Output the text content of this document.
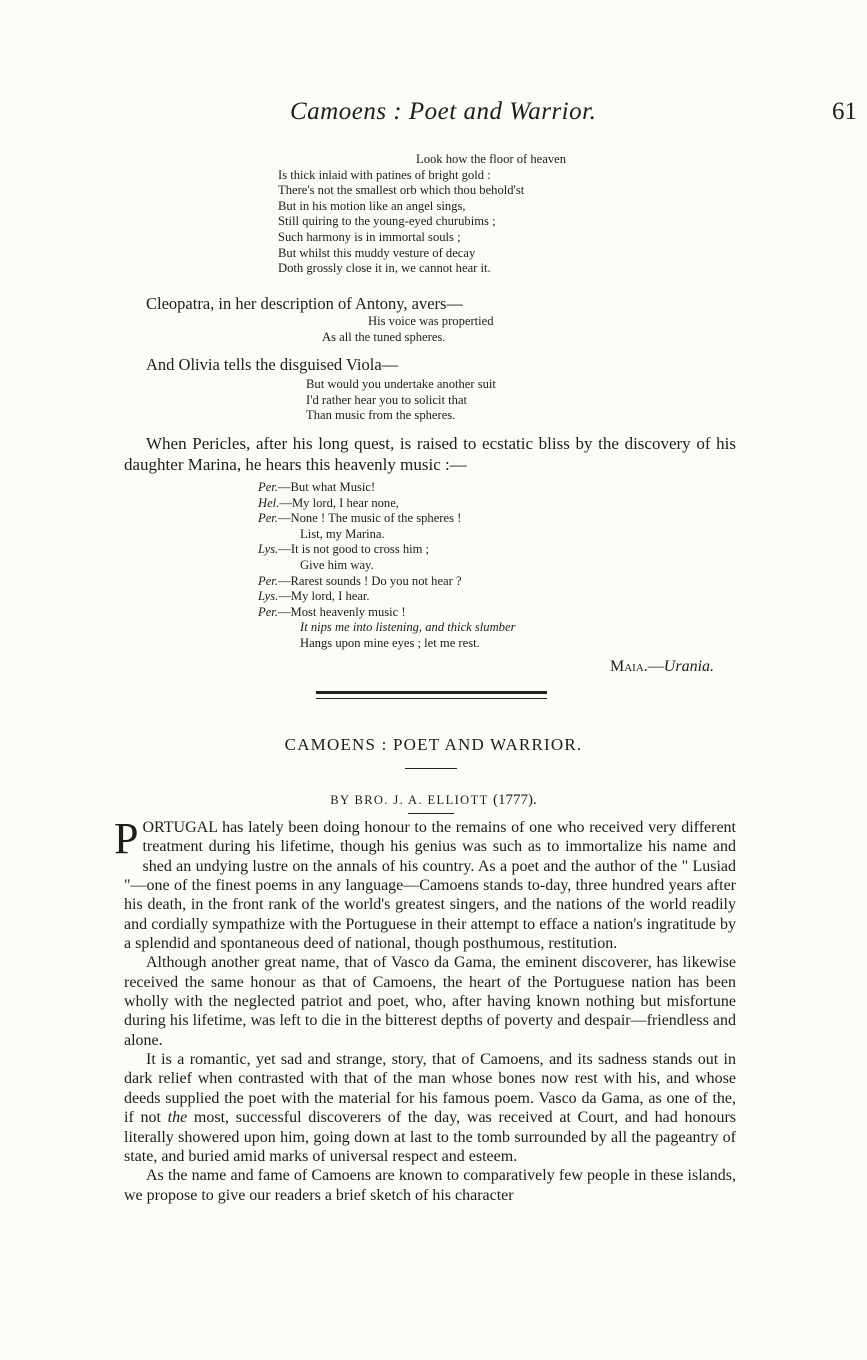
Camoens : Poet and Warrior.	61
Look how the floor of heaven
Is thick inlaid with patines of bright gold :
There's not the smallest orb which thou behold'st
But in his motion like an angel sings,
Still quiring to the young-eyed churubims ;
Such harmony is in immortal souls ;
But whilst this muddy vesture of decay
Doth grossly close it in, we cannot hear it.
Cleopatra, in her description of Antony, avers—
His voice was propertied
As all the tuned spheres.
And Olivia tells the disguised Viola—
But would you undertake another suit
I'd rather hear you to solicit that
Than music from the spheres.
When Pericles, after his long quest, is raised to ecstatic bliss by the discovery of his daughter Marina, he hears this heavenly music :—
Per.—But what Music!
Hel.—My lord, I hear none,
Per.—None ! The music of the spheres !
List, my Marina.
Lys.—It is not good to cross him ;
Give him way.
Per.—Rarest sounds ! Do you not hear ?
Lys.—My lord, I hear.
Per.—Most heavenly music !
It nips me into listening, and thick slumber
Hangs upon mine eyes ; let me rest.
Maia.—Urania.
CAMOENS : POET AND WARRIOR.
BY BRO. J. A. ELLIOTT (1777).

PORTUGAL has lately been doing honour to the remains of one who received very different treatment during his lifetime, though his genius was such as to immortalize his name and shed an undying lustre on the annals of his country. As a poet and the author of the " Lusiad "—one of the finest poems in any language—Camoens stands to-day, three hundred years after his death, in the front rank of the world's greatest singers, and the nations of the world readily and cordially sympathize with the Portuguese in their attempt to efface a nation's ingratitude by a splendid and spontaneous deed of national, though posthumous, restitution.

Although another great name, that of Vasco da Gama, the eminent discoverer, has likewise received the same honour as that of Camoens, the heart of the Portuguese nation has been wholly with the neglected patriot and poet, who, after having known nothing but misfortune during his lifetime, was left to die in the bitterest depths of poverty and despair—friendless and alone.

It is a romantic, yet sad and strange, story, that of Camoens, and its sadness stands out in dark relief when contrasted with that of the man whose bones now rest with his, and whose deeds supplied the poet with the material for his famous poem. Vasco da Gama, as one of the, if not the most, successful discoverers of the day, was received at Court, and had honours literally showered upon him, going down at last to the tomb surrounded by all the pageantry of state, and buried amid marks of universal respect and esteem.

As the name and fame of Camoens are known to comparatively few people in these islands, we propose to give our readers a brief sketch of his character
